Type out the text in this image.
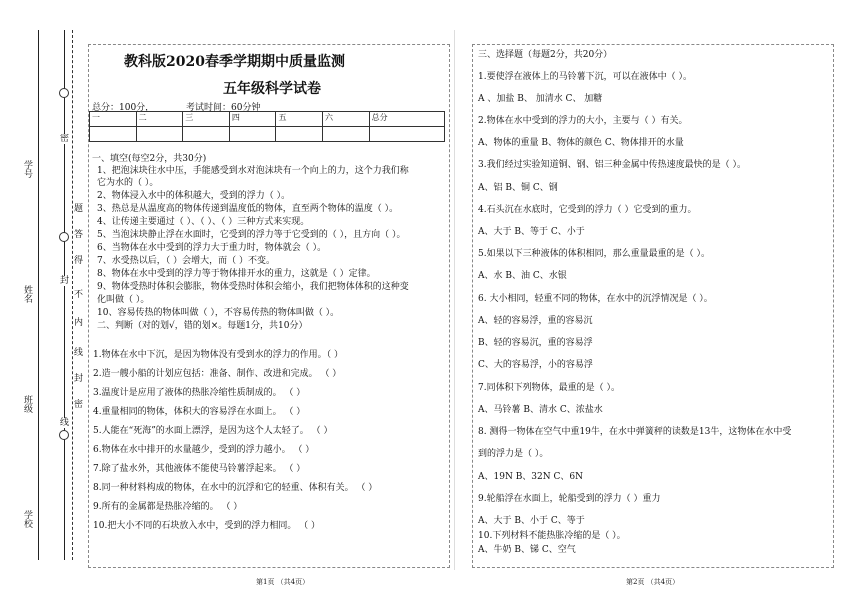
学号
姓名
班级
学校
密
封
线
题
答
得
不
内
线
封
密
教科版2020春季学期期中质量监测
五年级科学试卷
总分：100分，	考试时间：60分钟
一	二	三	四	五	六	总分

一、填空(每空2分，共30分)
1、把泡沫块往水中压，手能感受到水对泡沫块有一个向上的力，这个力我们称
它为水的（ ）。
2、物体浸入水中的体积越大，受到的浮力（ ）。
3、热总是从温度高的物体传递到温度低的物体，直至两个物体的温度（ ）。
4、让传递主要通过（ ）、（ ）、（ ）三种方式来实现。
5、当泡沫块静止浮在水面时，它受到的浮力等于它受到的（ ），且方向（ ）。
6、当物体在水中受到的浮力大于重力时，物体就会（ ）。
7、水受热以后，（ ）会增大，而（ ）不变。
8、物体在水中受到的浮力等于物体排开水的重力，这就是（ ）定律。
9、物体受热时体积会膨胀，物体受热时体积会缩小，我们把物体体积的这种变
化叫做（ ）。
10、容易传热的物体叫做（ ），不容易传热的物体叫做（ ）。
二、判断（对的划√，错的划×。每题1分，共10分）
1.物体在水中下沉，是因为物体没有受到水的浮力的作用。（ ）
2.造一艘小船的计划应包括：准备、制作、改进和完成。 （ ）
3.温度计是应用了液体的热胀冷缩性质制成的。 （ ）
4.重量相同的物体，体积大的容易浮在水面上。 （ ）
5.人能在“死海”的水面上漂浮，是因为这个人太轻了。 （ ）
6.物体在水中排开的水量越少，受到的浮力越小。 （ ）
7.除了盐水外，其他液体不能使马铃薯浮起来。 （ ）
8.同一种材料构成的物体，在水中的沉浮和它的轻重、体积有关。 （ ）
9.所有的金属都是热胀冷缩的。 （ ）
10.把大小不同的石块放入水中，受到的浮力相同。 （ ）
三、选择题（每题2分，共20分）
1.要使浮在液体上的马铃薯下沉，可以在液体中（ ）。
A 、加盐 B、 加清水 C、 加糖
2.物体在水中受到的浮力的大小，主要与（ ）有关。
A、物体的重量 B、物体的颜色 C、物体排开的水量
3.我们经过实验知道铜、钢、铝三种金属中传热速度最快的是（ ）。
A、铝 B、铜 C、钢
4.石头沉在水底时，它受到的浮力（ ）它受到的重力。
A、大于 B、等于 C、小于
5.如果以下三种液体的体积相同，那么重量最重的是（ ）。
A、水 B、油 C、水银
6. 大小相同，轻重不同的物体，在水中的沉浮情况是（ ）。
A、轻的容易浮，重的容易沉
B、轻的容易沉，重的容易浮
C、大的容易浮，小的容易浮
7.同体积下列物体，最重的是（ ）。
A、马铃薯 B、清水 C、浓盐水
8. 测得一物体在空气中重19牛，在水中弹簧秤的读数是13牛，这物体在水中受
到的浮力是（ ）。
A、19N B、32N C、6N
9.轮船浮在水面上，轮船受到的浮力（ ）重力
A、大于 B、小于 C、等于
10.下列材料不能热胀冷缩的是（ ）。
A、牛奶 B、锑 C、空气
第1页 （共4页）	第2页 （共4页）
